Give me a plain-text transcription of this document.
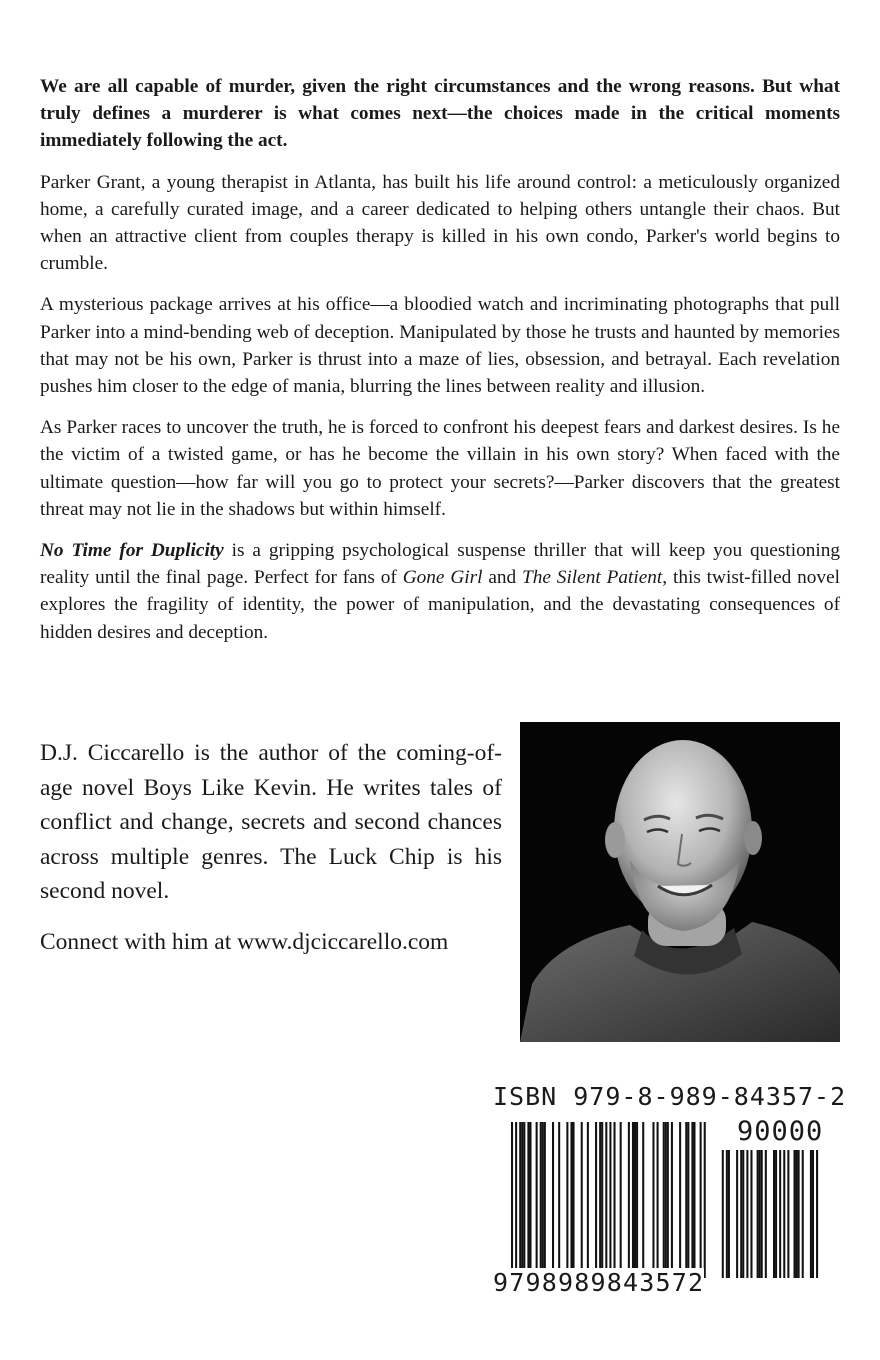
We are all capable of murder, given the right circumstances and the wrong reasons. But what truly defines a murderer is what comes next—the choices made in the critical moments immediately following the act.

Parker Grant, a young therapist in Atlanta, has built his life around control: a meticulously organized home, a carefully curated image, and a career dedicated to helping others untangle their chaos. But when an attractive client from couples therapy is killed in his own condo, Parker's world begins to crumble.

A mysterious package arrives at his office—a bloodied watch and incriminating photographs that pull Parker into a mind-bending web of deception. Manipulated by those he trusts and haunted by memories that may not be his own, Parker is thrust into a maze of lies, obsession, and betrayal. Each revelation pushes him closer to the edge of mania, blurring the lines between reality and illusion.

As Parker races to uncover the truth, he is forced to confront his deepest fears and darkest desires. Is he the victim of a twisted game, or has he become the villain in his own story? When faced with the ultimate question—how far will you go to protect your secrets?—Parker discovers that the greatest threat may not lie in the shadows but within himself.

No Time for Duplicity is a gripping psychological suspense thriller that will keep you questioning reality until the final page. Perfect for fans of Gone Girl and The Silent Patient, this twist-filled novel explores the fragility of identity, the power of manipulation, and the devastating consequences of hidden desires and deception.

D.J. Ciccarello is the author of the coming-of-age novel Boys Like Kevin. He writes tales of conflict and change, secrets and second chances across multiple genres. The Luck Chip is his second novel.

Connect with him at www.djciccarello.com

ISBN 979-8-989-84357-2
90000
9798989843572
